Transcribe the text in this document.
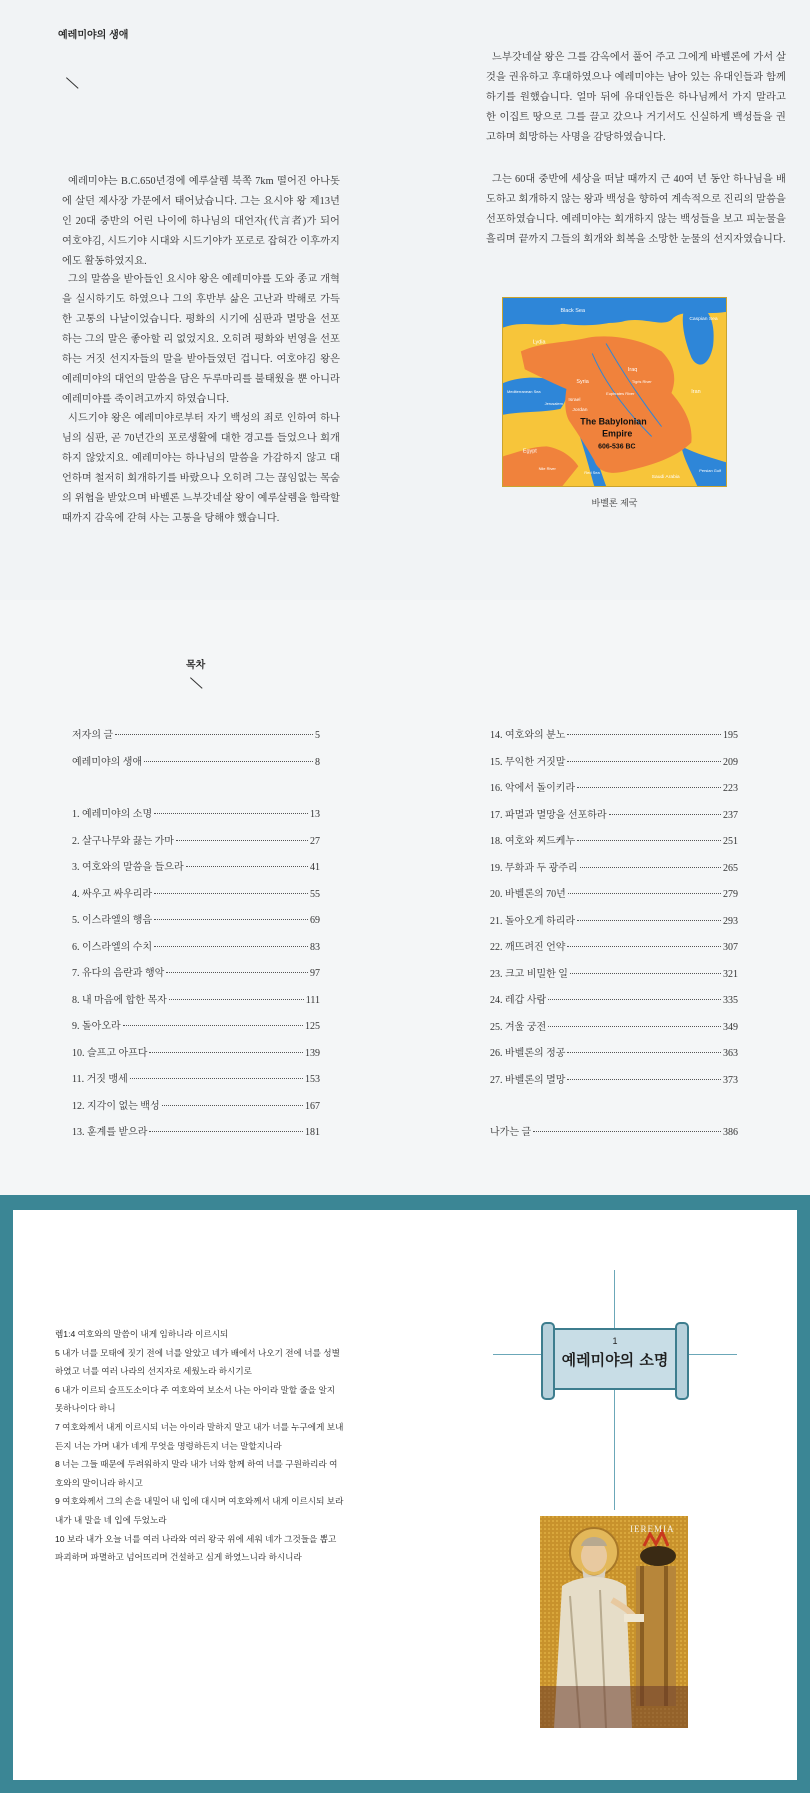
예레미야의 생애
예레미야는 B.C.650년경에 예루살렘 북쪽 7km 떨어진 아나돗에 살던 제사장 가문에서 태어났습니다. 그는 요시야 왕 제13년인 20대 중반의 어린 나이에 하나님의 대언자(代言者)가 되어 여호야김, 시드기야 시대와 시드기야가 포로로 잡혀간 이후까지에도 활동하였지요.
그의 말씀을 받아들인 요시야 왕은 예레미야를 도와 종교 개혁을 실시하기도 하였으나 그의 후반부 삶은 고난과 박해로 가득한 고통의 나날이었습니다. 평화의 시기에 심판과 멸망을 선포하는 그의 말은 좋아할 리 없었지요. 오히려 평화와 번영을 선포하는 거짓 선지자들의 말을 받아들였던 겁니다. 여호야김 왕은 예레미야의 대언의 말씀을 담은 두루마리를 불태웠을 뿐 아니라 예레미야를 죽이려고까지 하였습니다.
시드기야 왕은 예레미야로부터 자기 백성의 죄로 인하여 하나님의 심판, 곧 70년간의 포로생활에 대한 경고를 들었으나 회개하지 않았지요. 예레미야는 하나님의 말씀을 가감하지 않고 대언하며 철저히 회개하기를 바랐으나 오히려 그는 끊임없는 목숨의 위협을 받았으며 바벨론 느부갓네살 왕이 예루살렘을 함락할 때까지 감옥에 갇혀 사는 고통을 당해야 했습니다.
느부갓네살 왕은 그를 감옥에서 풀어 주고 그에게 바벨론에 가서 살 것을 권유하고 후대하였으나 예레미야는 남아 있는 유대인들과 함께하기를 원했습니다. 얼마 뒤에 유대인들은 하나님께서 가지 말라고 한 이집트 땅으로 그를 끌고 갔으나 거기서도 신실하게 백성들을 권고하며 희망하는 사명을 감당하였습니다.
그는 60대 중반에 세상을 떠날 때까지 근 40여 년 동안 하나님을 배도하고 회개하지 않는 왕과 백성을 향하여 계속적으로 진리의 말씀을 선포하였습니다. 예레미야는 회개하지 않는 백성들을 보고 피눈물을 흘리며 끝까지 그들의 회개와 회복을 소망한 눈물의 선지자였습니다.
Black Sea
Caspian Sea
Lydia
Iraq
Syria	Tigris River
Euphrates River
Mediterranean Sea
Israel
Jordan
Jerusalem
Iran
The Babylonian
Empire
606-536 BC
Egypt
Nile River
Red Sea	Persian Gulf
Saudi Arabia
바벨론 제국
목차
저자의 글	5
예레미야의 생애	8
1. 예레미야의 소명	13
2. 살구나무와 끓는 가마	27
3. 여호와의 말씀을 들으라	41
4. 싸우고 싸우리라	55
5. 이스라엘의 행음	69
6. 이스라엘의 수치	83
7. 유다의 음란과 행악	97
8. 내 마음에 합한 목자	111
9. 돌아오라	125
10. 슬프고 아프다	139
11. 거짓 맹세	153
12. 지각이 없는 백성	167
13. 훈계를 받으라	181
14. 여호와의 분노	195
15. 무익한 거짓말	209
16. 악에서 돌이키라	223
17. 파멸과 멸망을 선포하라	237
18. 여호와 찌드케누	251
19. 무화과 두 광주리	265
20. 바벨론의 70년	279
21. 돌아오게 하리라	293
22. 깨뜨려진 언약	307
23. 크고 비밀한 일	321
24. 레갑 사람	335
25. 겨울 궁전	349
26. 바벨론의 정공	363
27. 바벨론의 멸망	373
나가는 글	386
렘1:4 여호와의 말씀이 내게 임하니라 이르시되
5 내가 너를 모태에 짓기 전에 너를 알았고 네가 배에서 나오기 전에 너를 성별하였고 너를 여러 나라의 선지자로 세웠노라 하시기로
6 내가 이르되 슬프도소이다 주 여호와여 보소서 나는 아이라 말할 줄을 알지 못하나이다 하니
7 여호와께서 내게 이르시되 너는 아이라 말하지 말고 내가 너를 누구에게 보내든지 너는 가며 내가 네게 무엇을 명령하든지 너는 말할지니라
8 너는 그들 때문에 두려워하지 말라 내가 너와 함께 하여 너를 구원하리라 여호와의 말이니라 하시고
9 여호와께서 그의 손을 내밀어 내 입에 대시며 여호와께서 내게 이르시되 보라 내가 내 말을 네 입에 두었노라
10 보라 내가 오늘 너를 여러 나라와 여러 왕국 위에 세워 네가 그것들을 뽑고 파괴하며 파멸하고 넘어뜨리며 건설하고 심게 하였느니라 하시니라
1
예레미야의 소명
IEREMIA
